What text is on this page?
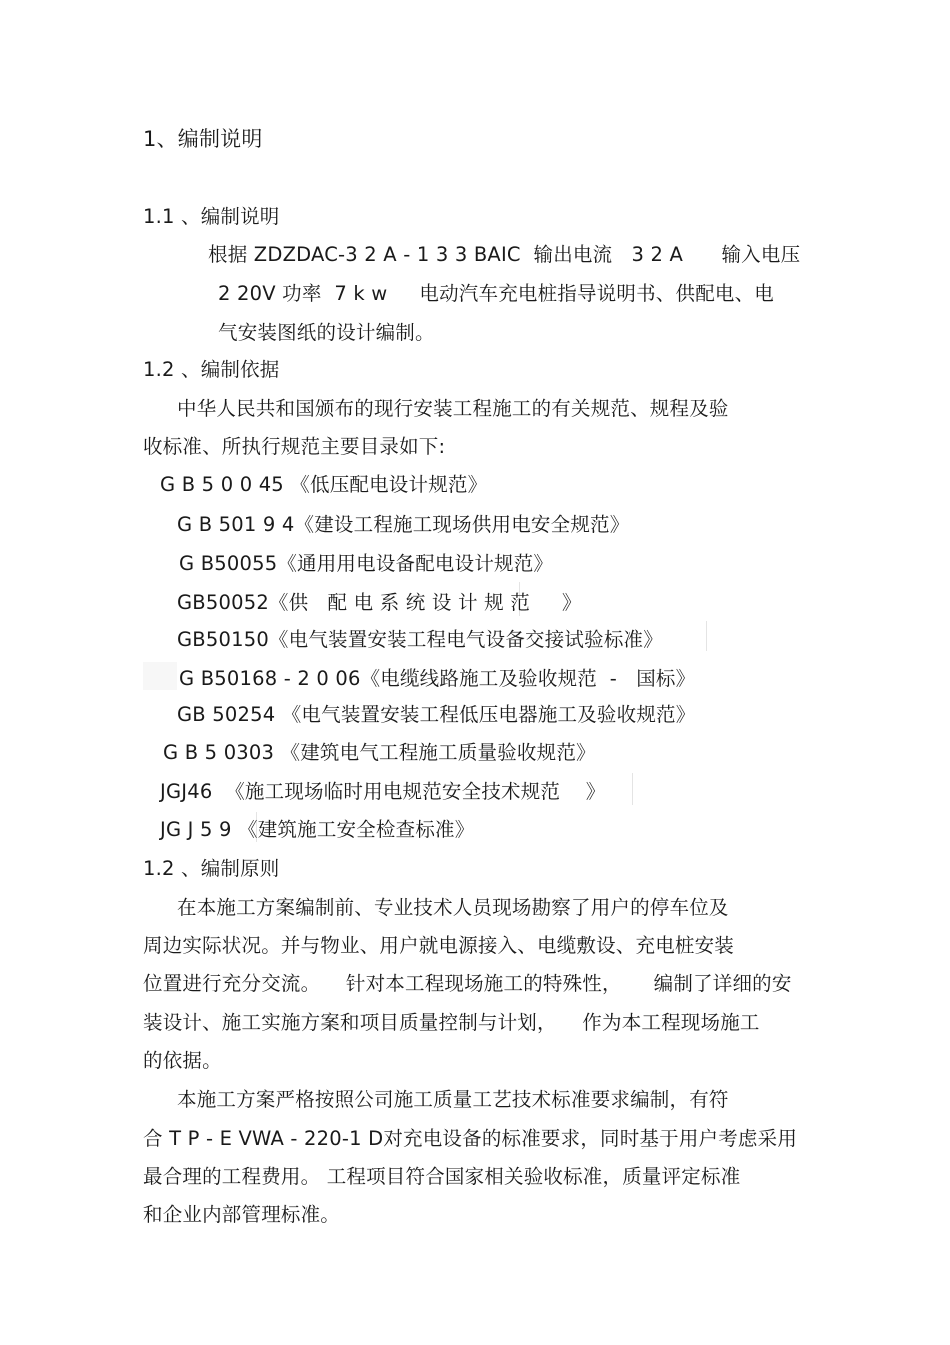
1、编制说明
1.1 、编制说明
根据 ZDZDAC-3 2 A - 1 3 3 BAIC  输出电流   3 2 A      输入电压
2 20V 功率  7 k w     电动汽车充电桩指导说明书、供配电、电
气安装图纸的设计编制。
1.2 、编制依据
中华人民共和国颁布的现行安装工程施工的有关规范、规程及验
收标准、所执行规范主要目录如下:
G B 5 0 0 45 《低压配电设计规范》
G B 501 9 4《建设工程施工现场供用电安全规范》
G B50055《通用用电设备配电设计规范》
GB50052《供   配 电 系 统 设 计 规 范     》
GB50150《电气装置安装工程电气设备交接试验标准》
G B50168 - 2 0 06《电缆线路施工及验收规范  -   国标》
GB 50254 《电气装置安装工程低压电器施工及验收规范》
G B 5 0303 《建筑电气工程施工质量验收规范》
JGJ46  《施工现场临时用电规范安全技术规范    》
JG J 5 9 《建筑施工安全检查标准》
1.2 、编制原则
在本施工方案编制前、专业技术人员现场勘察了用户的停车位及
周边实际状况。并与物业、用户就电源接入、电缆敷设、充电桩安装
位置进行充分交流。    针对本工程现场施工的特殊性，     编制了详细的安
装设计、施工实施方案和项目质量控制与计划，    作为本工程现场施工
的依据。
本施工方案严格按照公司施工质量工艺技术标准要求编制，有符
合 T P - E VWA - 220-1 D对充电设备的标准要求，同时基于用户考虑采用
最合理的工程费用。 工程项目符合国家相关验收标准，质量评定标准
和企业内部管理标准。
